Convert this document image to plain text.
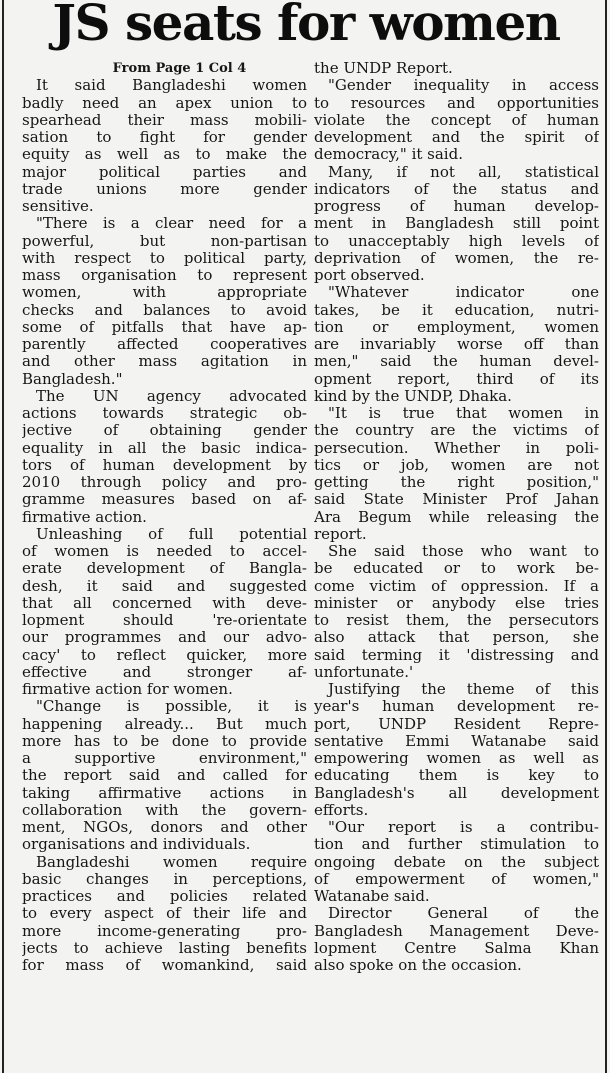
JS seats for women

From Page 1 Col 4

It said Bangladeshi women

badly need an apex union to

spearhead their mass mobili-

sation to fight for gender

equity as well as to make the

major political parties and

trade unions more gender

sensitive.

"There is a clear need for a

powerful, but non-partisan

with respect to political party,

mass organisation to represent

women, with appropriate

checks and balances to avoid

some of pitfalls that have ap-

parently affected cooperatives

and other mass agitation in

Bangladesh."

The UN agency advocated

actions towards strategic ob-

jective of obtaining gender

equality in all the basic indica-

tors of human development by

2010 through policy and pro-

gramme measures based on af-

firmative action.

Unleashing of full potential

of women is needed to accel-

erate development of Bangla-

desh, it said and suggested

that all concerned with deve-

lopment should 're-orientate

our programmes and our advo-

cacy' to reflect quicker, more

effective and stronger af-

firmative action for women.

"Change is possible, it is

happening already... But much

more has to be done to provide

a supportive environment,"

the report said and called for

taking affirmative actions in

collaboration with the govern-

ment, NGOs, donors and other

organisations and individuals.

Bangladeshi women require

basic changes in perceptions,

practices and policies related

to every aspect of their life and

more income-generating pro-

jects to achieve lasting benefits

for mass of womankind, said

the UNDP Report.

"Gender inequality in access

to resources and opportunities

violate the concept of human

development and the spirit of

democracy," it said.

Many, if not all, statistical

indicators of the status and

progress of human develop-

ment in Bangladesh still point

to unacceptably high levels of

deprivation of women, the re-

port observed.

"Whatever indicator one

takes, be it education, nutri-

tion or employment, women

are invariably worse off than

men," said the human devel-

opment report, third of its

kind by the UNDP, Dhaka.

"It is true that women in

the country are the victims of

persecution. Whether in poli-

tics or job, women are not

getting the right position,"

said State Minister Prof Jahan

Ara Begum while releasing the

report.

She said those who want to

be educated or to work be-

come victim of oppression. If a

minister or anybody else tries

to resist them, the persecutors

also attack that person, she

said terming it 'distressing and

unfortunate.'

Justifying the theme of this

year's human development re-

port, UNDP Resident Repre-

sentative Emmi Watanabe said

empowering women as well as

educating them is key to

Bangladesh's all development

efforts.

"Our report is a contribu-

tion and further stimulation to

ongoing debate on the subject

of empowerment of women,"

Watanabe said.

Director General of the

Bangladesh Management Deve-

lopment Centre Salma Khan

also spoke on the occasion.
